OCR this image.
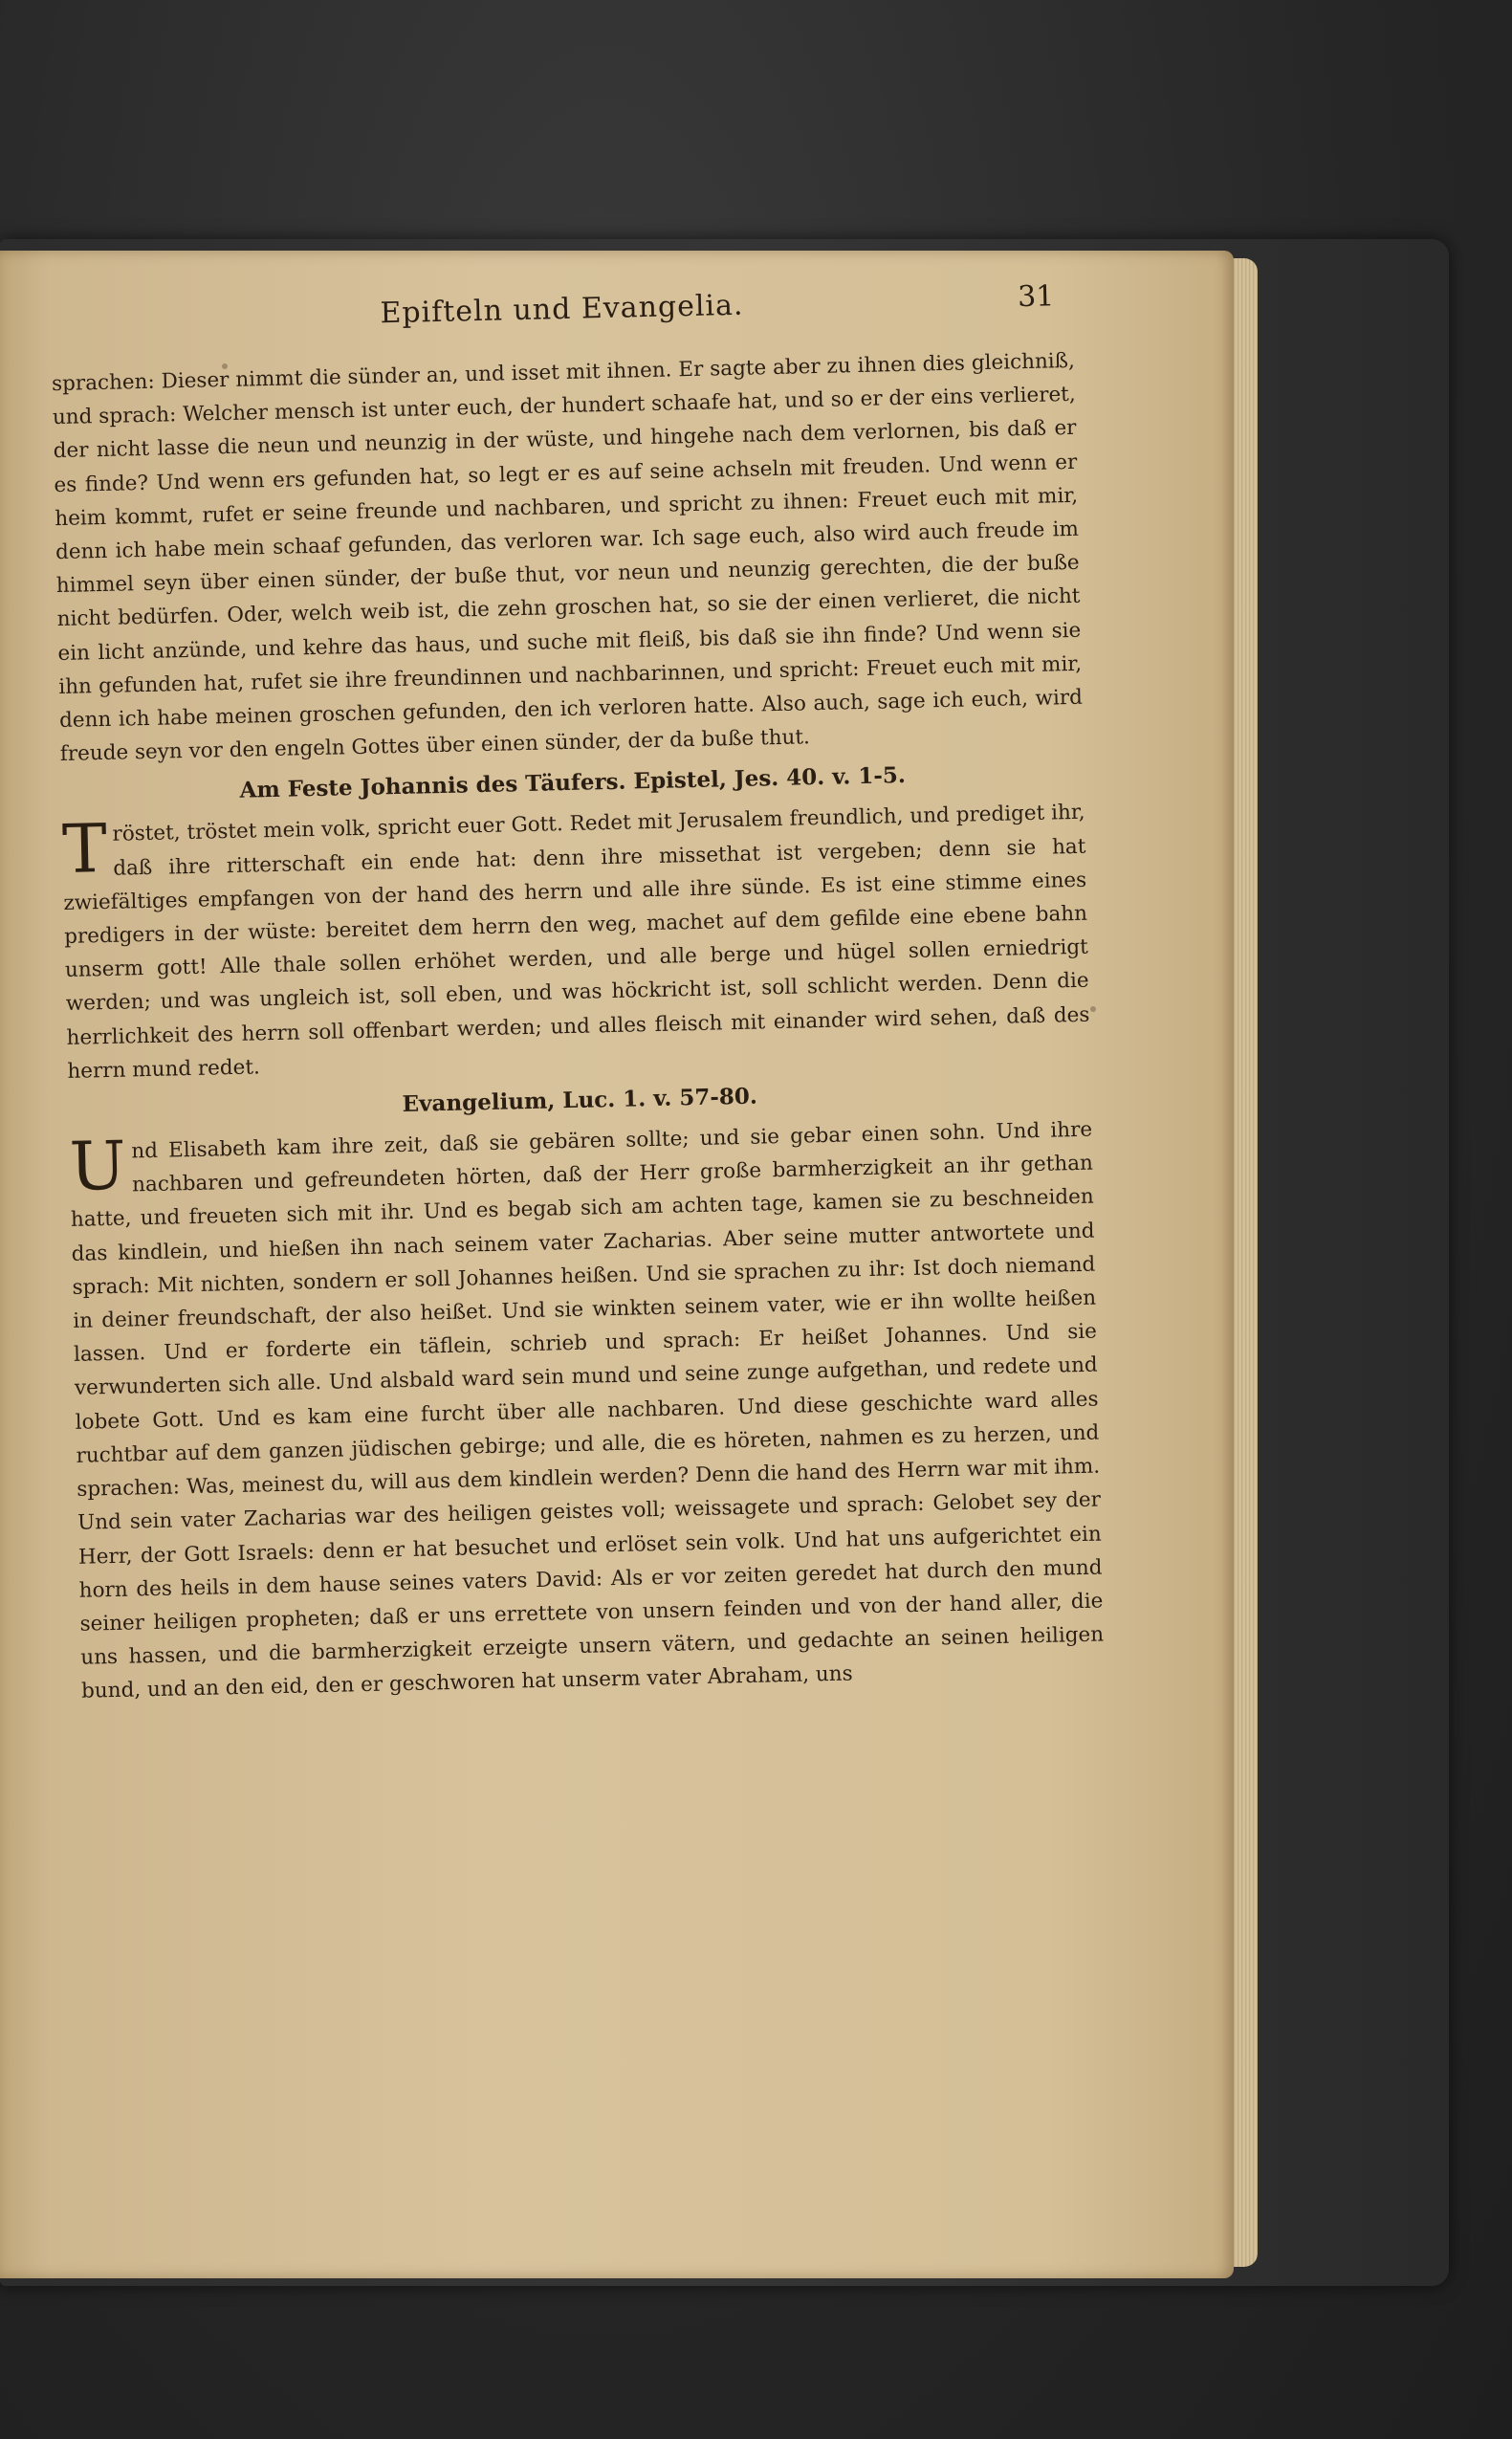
Epifteln und Evangelia.	31

sprachen: Dieser nimmt die sünder an, und isset mit ihnen. Er sagte aber zu ihnen dies gleichniß, und sprach: Welcher mensch ist unter euch, der hundert schaafe hat, und so er der eins verlieret, der nicht lasse die neun und neunzig in der wüste, und hingehe nach dem verlornen, bis daß er es finde? Und wenn ers gefunden hat, so legt er es auf seine achseln mit freuden. Und wenn er heim kommt, rufet er seine freunde und nachbaren, und spricht zu ihnen: Freuet euch mit mir, denn ich habe mein schaaf gefunden, das verloren war. Ich sage euch, also wird auch freude im himmel seyn über einen sünder, der buße thut, vor neun und neunzig gerechten, die der buße nicht bedürfen. Oder, welch weib ist, die zehn groschen hat, so sie der einen verlieret, die nicht ein licht anzünde, und kehre das haus, und suche mit fleiß, bis daß sie ihn finde? Und wenn sie ihn gefunden hat, rufet sie ihre freundinnen und nachbarinnen, und spricht: Freuet euch mit mir, denn ich habe meinen groschen gefunden, den ich verloren hatte. Also auch, sage ich euch, wird freude seyn vor den engeln Gottes über einen sünder, der da buße thut.

Am Feste Johannis des Täufers. Epistel, Jes. 40. v. 1-5.

Tröstet, tröstet mein volk, spricht euer Gott. Redet mit Jerusalem freundlich, und prediget ihr, daß ihre ritterschaft ein ende hat: denn ihre missethat ist vergeben; denn sie hat zwiefältiges empfangen von der hand des herrn und alle ihre sünde. Es ist eine stimme eines predigers in der wüste: bereitet dem herrn den weg, machet auf dem gefilde eine ebene bahn unserm gott! Alle thale sollen erhöhet werden, und alle berge und hügel sollen erniedrigt werden; und was ungleich ist, soll eben, und was höckricht ist, soll schlicht werden. Denn die herrlichkeit des herrn soll offenbart werden; und alles fleisch mit einander wird sehen, daß des herrn mund redet.

Evangelium, Luc. 1. v. 57-80.

Und Elisabeth kam ihre zeit, daß sie gebären sollte; und sie gebar einen sohn. Und ihre nachbaren und gefreundeten hörten, daß der Herr große barmherzigkeit an ihr gethan hatte, und freueten sich mit ihr. Und es begab sich am achten tage, kamen sie zu beschneiden das kindlein, und hießen ihn nach seinem vater Zacharias. Aber seine mutter antwortete und sprach: Mit nichten, sondern er soll Johannes heißen. Und sie sprachen zu ihr: Ist doch niemand in deiner freundschaft, der also heißet. Und sie winkten seinem vater, wie er ihn wollte heißen lassen. Und er forderte ein täflein, schrieb und sprach: Er heißet Johannes. Und sie verwunderten sich alle. Und alsbald ward sein mund und seine zunge aufgethan, und redete und lobete Gott. Und es kam eine furcht über alle nachbaren. Und diese geschichte ward alles ruchtbar auf dem ganzen jüdischen gebirge; und alle, die es höreten, nahmen es zu herzen, und sprachen: Was, meinest du, will aus dem kindlein werden? Denn die hand des Herrn war mit ihm. Und sein vater Zacharias war des heiligen geistes voll; weissagete und sprach: Gelobet sey der Herr, der Gott Israels: denn er hat besuchet und erlöset sein volk. Und hat uns aufgerichtet ein horn des heils in dem hause seines vaters David: Als er vor zeiten geredet hat durch den mund seiner heiligen propheten; daß er uns errettete von unsern feinden und von der hand aller, die uns hassen, und die barmherzigkeit erzeigte unsern vätern, und gedachte an seinen heiligen bund, und an den eid, den er geschworen hat unserm vater Abraham, uns
